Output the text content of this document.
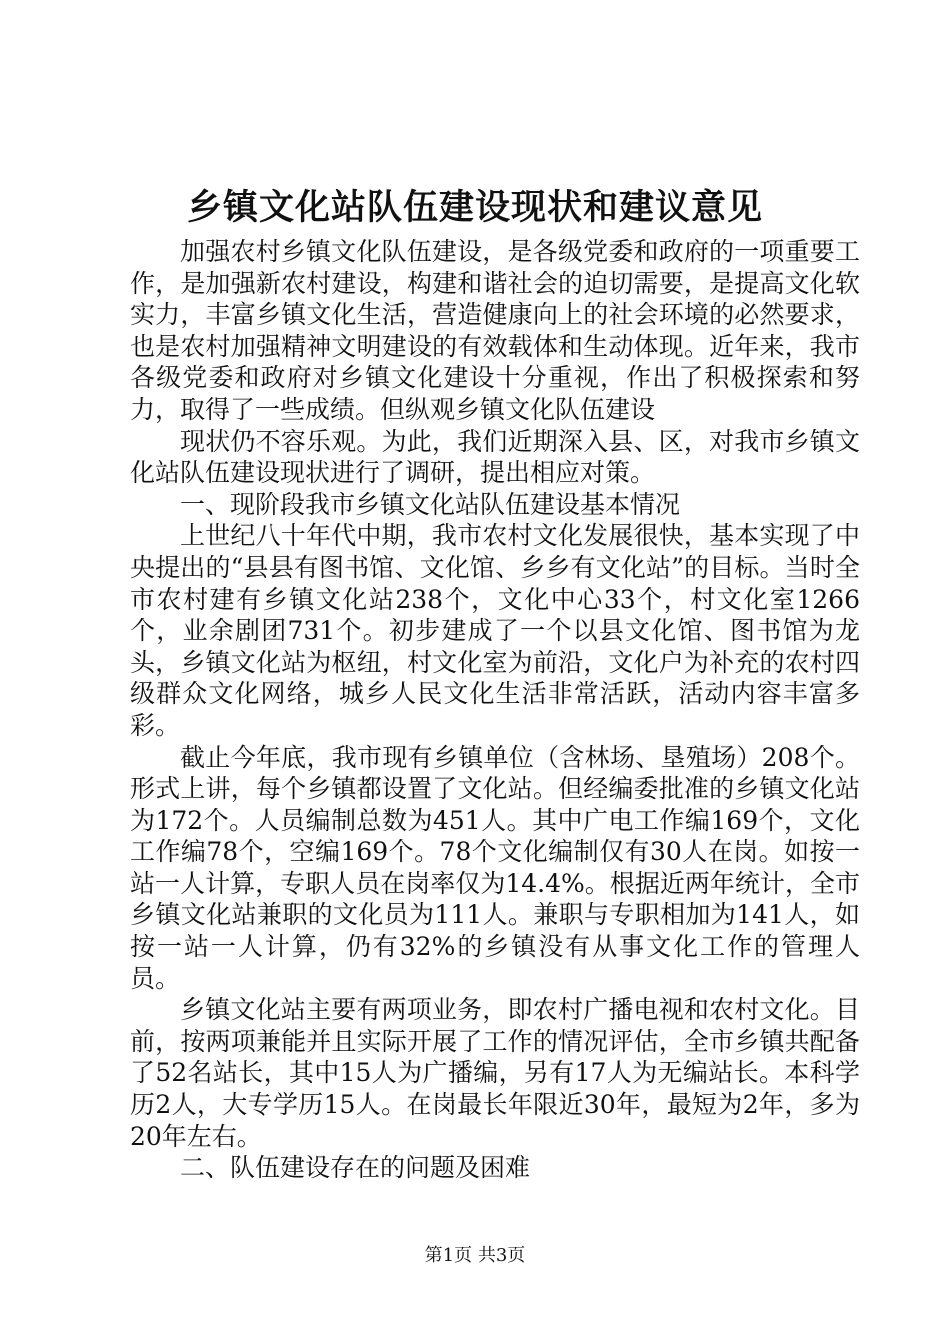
乡镇文化站队伍建设现状和建议意见

加强农村乡镇文化队伍建设，是各级党委和政府的一项重要工作，是加强新农村建设，构建和谐社会的迫切需要，是提高文化软实力，丰富乡镇文化生活，营造健康向上的社会环境的必然要求，也是农村加强精神文明建设的有效载体和生动体现。近年来，我市各级党委和政府对乡镇文化建设十分重视，作出了积极探索和努力，取得了一些成绩。但纵观乡镇文化队伍建设

现状仍不容乐观。为此，我们近期深入县、区，对我市乡镇文化站队伍建设现状进行了调研，提出相应对策。

一、现阶段我市乡镇文化站队伍建设基本情况

上世纪八十年代中期，我市农村文化发展很快，基本实现了中央提出的“县县有图书馆、文化馆、乡乡有文化站”的目标。当时全市农村建有乡镇文化站238个，文化中心33个，村文化室1266个，业余剧团731个。初步建成了一个以县文化馆、图书馆为龙头，乡镇文化站为枢纽，村文化室为前沿，文化户为补充的农村四级群众文化网络，城乡人民文化生活非常活跃，活动内容丰富多彩。

截止今年底，我市现有乡镇单位（含林场、垦殖场）208个。形式上讲，每个乡镇都设置了文化站。但经编委批准的乡镇文化站为172个。人员编制总数为451人。其中广电工作编169个，文化工作编78个，空编169个。78个文化编制仅有30人在岗。如按一站一人计算，专职人员在岗率仅为14.4%。根据近两年统计，全市乡镇文化站兼职的文化员为111人。兼职与专职相加为141人，如按一站一人计算，仍有32%的乡镇没有从事文化工作的管理人员。

乡镇文化站主要有两项业务，即农村广播电视和农村文化。目前，按两项兼能并且实际开展了工作的情况评估，全市乡镇共配备了52名站长，其中15人为广播编，另有17人为无编站长。本科学历2人，大专学历15人。在岗最长年限近30年，最短为2年，多为20年左右。

二、队伍建设存在的问题及困难

第1页 共3页
